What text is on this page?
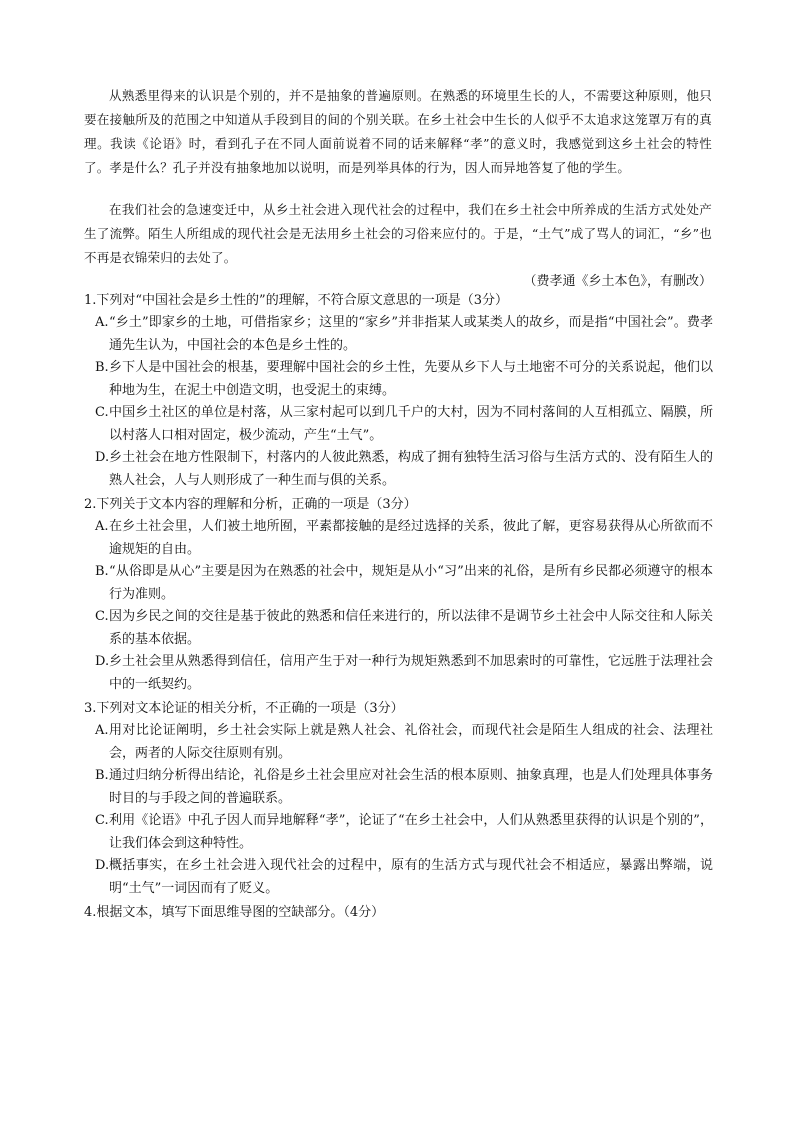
从熟悉里得来的认识是个别的，并不是抽象的普遍原则。在熟悉的环境里生长的人，不需要这种原则，他只要在接触所及的范围之中知道从手段到目的间的个别关联。在乡土社会中生长的人似乎不太追求这笼罩万有的真理。我读《论语》时，看到孔子在不同人面前说着不同的话来解释“孝”的意义时，我感觉到这乡土社会的特性了。孝是什么？孔子并没有抽象地加以说明，而是列举具体的行为，因人而异地答复了他的学生。

在我们社会的急速变迁中，从乡土社会进入现代社会的过程中，我们在乡土社会中所养成的生活方式处处产生了流弊。陌生人所组成的现代社会是无法用乡土社会的习俗来应付的。于是，“土气”成了骂人的词汇，“乡”也不再是衣锦荣归的去处了。

（费孝通《乡土本色》，有删改）

1.下列对“中国社会是乡土性的”的理解，不符合原文意思的一项是（3分）

A. “乡土”即家乡的土地，可借指家乡；这里的“家乡”并非指某人或某类人的故乡，而是指“中国社会”。费孝通先生认为，中国社会的本色是乡土性的。
B. 乡下人是中国社会的根基，要理解中国社会的乡土性，先要从乡下人与土地密不可分的关系说起，他们以种地为生，在泥土中创造文明，也受泥土的束缚。
C. 中国乡土社区的单位是村落，从三家村起可以到几千户的大村，因为不同村落间的人互相孤立、隔膜，所以村落人口相对固定，极少流动，产生“土气”。
D. 乡土社会在地方性限制下，村落内的人彼此熟悉，构成了拥有独特生活习俗与生活方式的、没有陌生人的熟人社会，人与人则形成了一种生而与俱的关系。

2.下列关于文本内容的理解和分析，正确的一项是（3分）

A. 在乡土社会里，人们被土地所囿，平素都接触的是经过选择的关系，彼此了解，更容易获得从心所欲而不逾规矩的自由。
B. “从俗即是从心”主要是因为在熟悉的社会中，规矩是从小“习”出来的礼俗，是所有乡民都必须遵守的根本行为准则。
C. 因为乡民之间的交往是基于彼此的熟悉和信任来进行的，所以法律不是调节乡土社会中人际交往和人际关系的基本依据。
D. 乡土社会里从熟悉得到信任，信用产生于对一种行为规矩熟悉到不加思索时的可靠性，它远胜于法理社会中的一纸契约。

3.下列对文本论证的相关分析，不正确的一项是（3分）

A. 用对比论证阐明，乡土社会实际上就是熟人社会、礼俗社会，而现代社会是陌生人组成的社会、法理社会，两者的人际交往原则有别。
B. 通过归纳分析得出结论，礼俗是乡土社会里应对社会生活的根本原则、抽象真理，也是人们处理具体事务时目的与手段之间的普遍联系。
C. 利用《论语》中孔子因人而异地解释“孝”，论证了“在乡土社会中，人们从熟悉里获得的认识是个别的”，让我们体会到这种特性。
D. 概括事实，在乡土社会进入现代社会的过程中，原有的生活方式与现代社会不相适应，暴露出弊端，说明“土气”一词因而有了贬义。

4.根据文本，填写下面思维导图的空缺部分。（4分）
